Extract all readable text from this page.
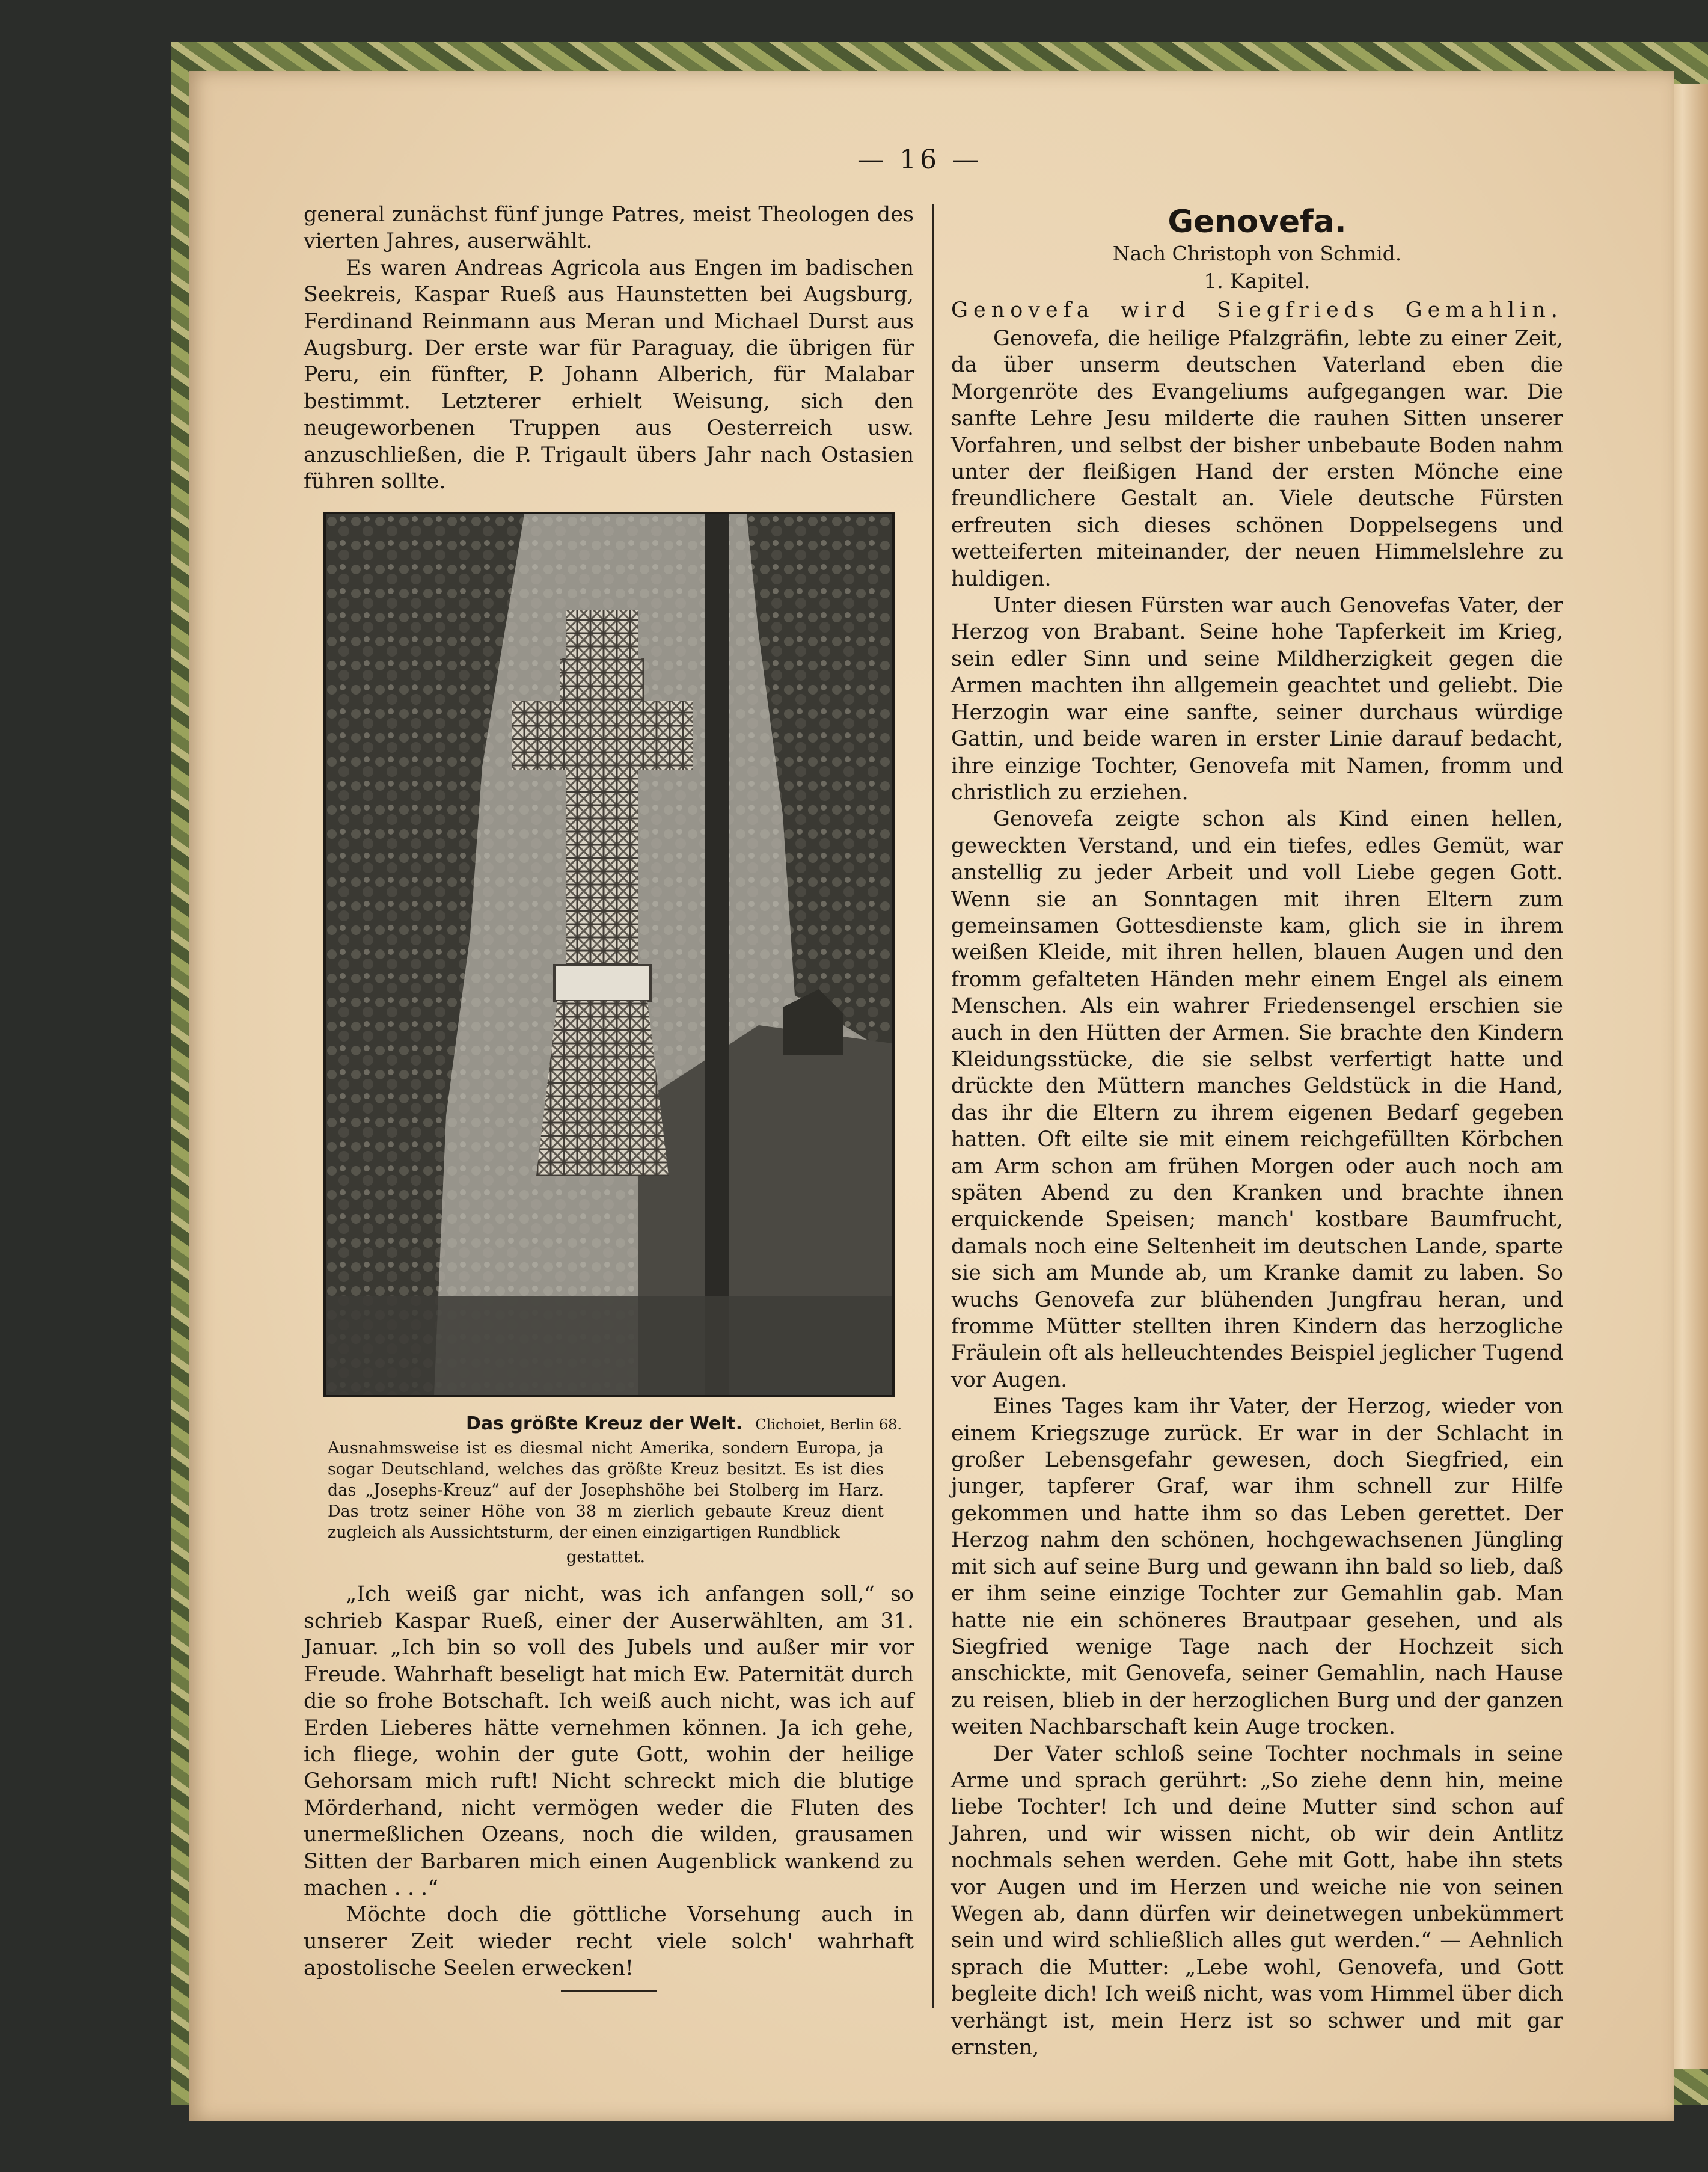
— 16 —

general zunächst fünf junge Patres, meist Theologen des vierten Jahres, auserwählt.

Es waren Andreas Agricola aus Engen im badischen Seekreis, Kaspar Rueß aus Haunstetten bei Augsburg, Ferdinand Reinmann aus Meran und Michael Durst aus Augsburg. Der erste war für Paraguay, die übrigen für Peru, ein fünfter, P. Johann Alberich, für Malabar bestimmt. Letzterer erhielt Weisung, sich den neugeworbenen Truppen aus Oesterreich usw. anzuschließen, die P. Trigault übers Jahr nach Ostasien führen sollte.

Das größte Kreuz der Welt. Clichoiet, Berlin 68.

Ausnahmsweise ist es diesmal nicht Amerika, sondern Europa, ja sogar Deutschland, welches das größte Kreuz besitzt. Es ist dies das „Josephs-Kreuz“ auf der Josephshöhe bei Stolberg im Harz. Das trotz seiner Höhe von 38 m zierlich gebaute Kreuz dient zugleich als Aussichtsturm, der einen einzigartigen Rundblick

gestattet.

„Ich weiß gar nicht, was ich anfangen soll,“ so schrieb Kaspar Rueß, einer der Auserwählten, am 31. Januar. „Ich bin so voll des Jubels und außer mir vor Freude. Wahrhaft beseligt hat mich Ew. Paternität durch die so frohe Botschaft. Ich weiß auch nicht, was ich auf Erden Lieberes hätte vernehmen können. Ja ich gehe, ich fliege, wohin der gute Gott, wohin der heilige Gehorsam mich ruft! Nicht schreckt mich die blutige Mörderhand, nicht vermögen weder die Fluten des unermeßlichen Ozeans, noch die wilden, grausamen Sitten der Barbaren mich einen Augenblick wankend zu machen . . .“

Möchte doch die göttliche Vorsehung auch in unserer Zeit wieder recht viele solch' wahrhaft apostolische Seelen erwecken!

Genovefa.
Nach Christoph von Schmid.
1. Kapitel.
Genovefa wird Siegfrieds Gemahlin.

Genovefa, die heilige Pfalzgräfin, lebte zu einer Zeit, da über unserm deutschen Vaterland eben die Morgenröte des Evangeliums aufgegangen war. Die sanfte Lehre Jesu milderte die rauhen Sitten unserer Vorfahren, und selbst der bisher unbebaute Boden nahm unter der fleißigen Hand der ersten Mönche eine freundlichere Gestalt an. Viele deutsche Fürsten erfreuten sich dieses schönen Doppelsegens und wetteiferten miteinander, der neuen Himmelslehre zu huldigen.

Unter diesen Fürsten war auch Genovefas Vater, der Herzog von Brabant. Seine hohe Tapferkeit im Krieg, sein edler Sinn und seine Mildherzigkeit gegen die Armen machten ihn allgemein geachtet und geliebt. Die Herzogin war eine sanfte, seiner durchaus würdige Gattin, und beide waren in erster Linie darauf bedacht, ihre einzige Tochter, Genovefa mit Namen, fromm und christlich zu erziehen.

Genovefa zeigte schon als Kind einen hellen, geweckten Verstand, und ein tiefes, edles Gemüt, war anstellig zu jeder Arbeit und voll Liebe gegen Gott. Wenn sie an Sonntagen mit ihren Eltern zum gemeinsamen Gottesdienste kam, glich sie in ihrem weißen Kleide, mit ihren hellen, blauen Augen und den fromm gefalteten Händen mehr einem Engel als einem Menschen. Als ein wahrer Friedensengel erschien sie auch in den Hütten der Armen. Sie brachte den Kindern Kleidungsstücke, die sie selbst verfertigt hatte und drückte den Müttern manches Geldstück in die Hand, das ihr die Eltern zu ihrem eigenen Bedarf gegeben hatten. Oft eilte sie mit einem reichgefüllten Körbchen am Arm schon am frühen Morgen oder auch noch am späten Abend zu den Kranken und brachte ihnen erquickende Speisen; manch' kostbare Baumfrucht, damals noch eine Seltenheit im deutschen Lande, sparte sie sich am Munde ab, um Kranke damit zu laben. So wuchs Genovefa zur blühenden Jungfrau heran, und fromme Mütter stellten ihren Kindern das herzogliche Fräulein oft als helleuchtendes Beispiel jeglicher Tugend vor Augen.

Eines Tages kam ihr Vater, der Herzog, wieder von einem Kriegszuge zurück. Er war in der Schlacht in großer Lebensgefahr gewesen, doch Siegfried, ein junger, tapferer Graf, war ihm schnell zur Hilfe gekommen und hatte ihm so das Leben gerettet. Der Herzog nahm den schönen, hochgewachsenen Jüngling mit sich auf seine Burg und gewann ihn bald so lieb, daß er ihm seine einzige Tochter zur Gemahlin gab. Man hatte nie ein schöneres Brautpaar gesehen, und als Siegfried wenige Tage nach der Hochzeit sich anschickte, mit Genovefa, seiner Gemahlin, nach Hause zu reisen, blieb in der herzoglichen Burg und der ganzen weiten Nachbarschaft kein Auge trocken.

Der Vater schloß seine Tochter nochmals in seine Arme und sprach gerührt: „So ziehe denn hin, meine liebe Tochter! Ich und deine Mutter sind schon auf Jahren, und wir wissen nicht, ob wir dein Antlitz nochmals sehen werden. Gehe mit Gott, habe ihn stets vor Augen und im Herzen und weiche nie von seinen Wegen ab, dann dürfen wir deinetwegen unbekümmert sein und wird schließlich alles gut werden.“ — Aehnlich sprach die Mutter: „Lebe wohl, Genovefa, und Gott begleite dich! Ich weiß nicht, was vom Himmel über dich verhängt ist, mein Herz ist so schwer und mit gar ernsten,
